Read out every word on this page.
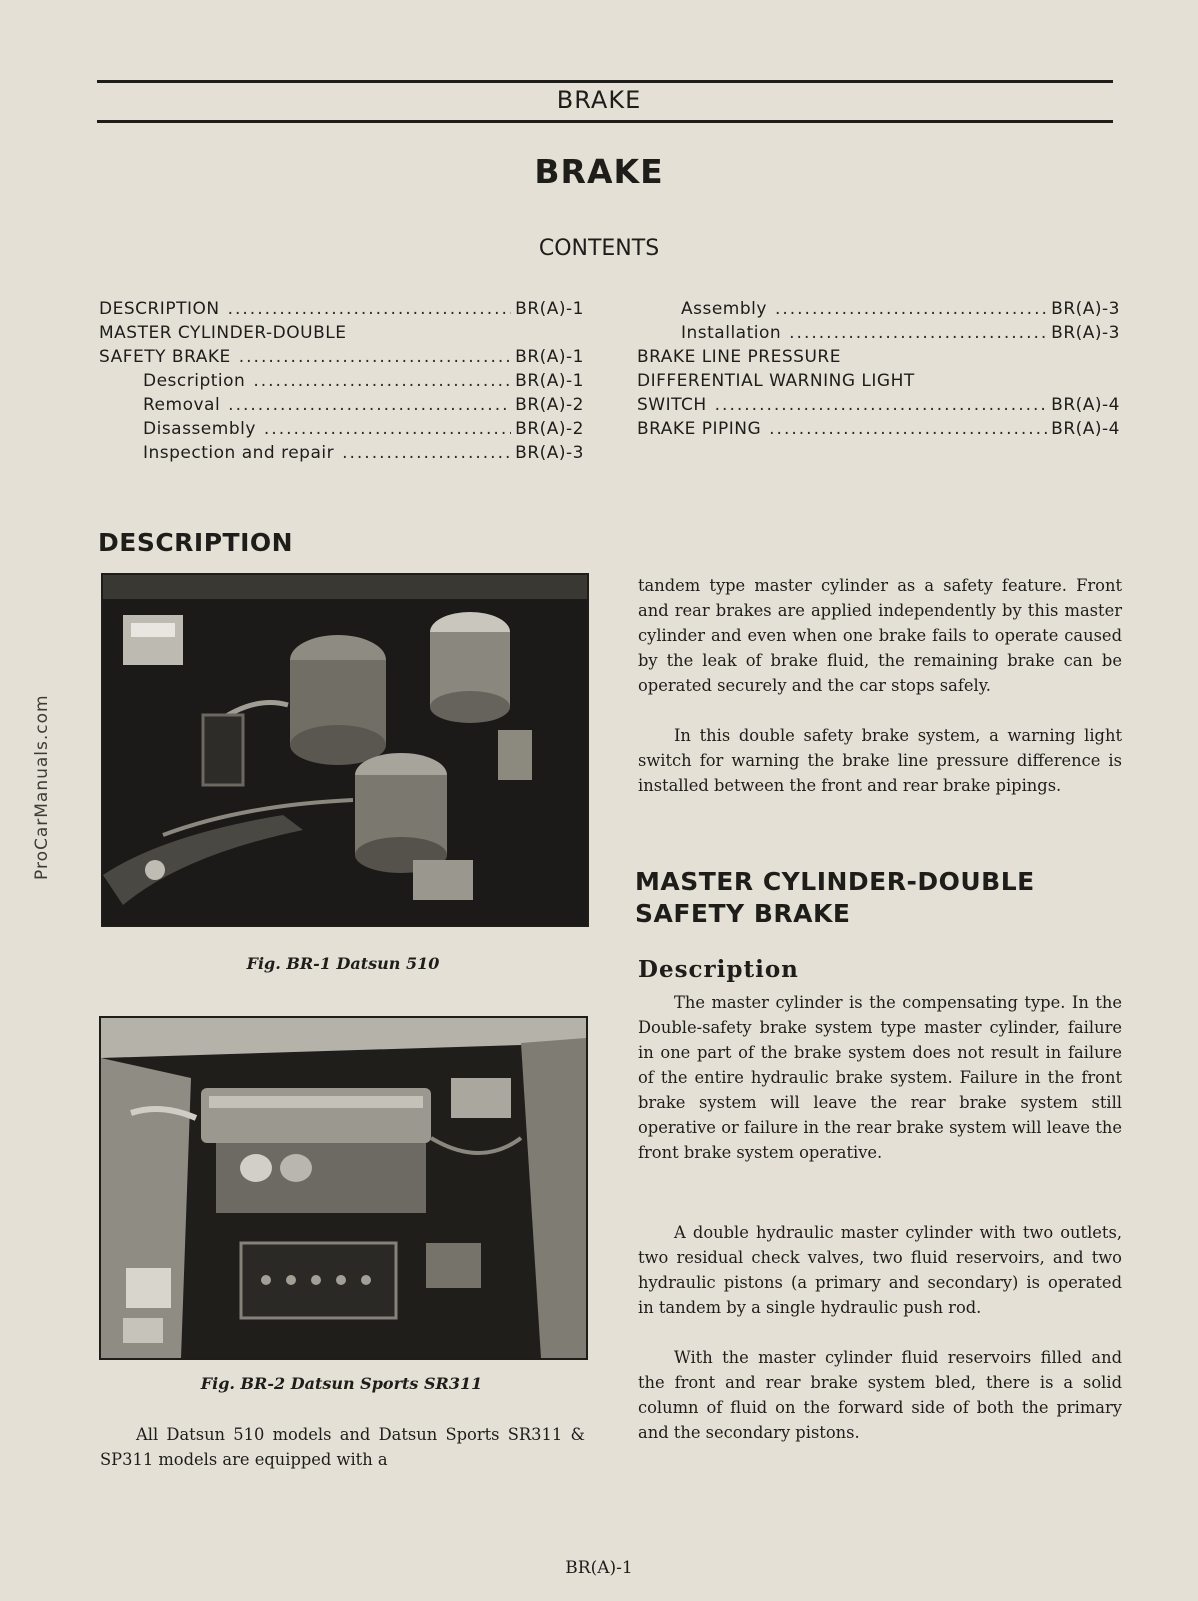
BRAKE
BRAKE
CONTENTS
DESCRIPTION .....	BR(A)-1
MASTER CYLINDER-DOUBLE
SAFETY BRAKE .....	BR(A)-1
Description .....	BR(A)-1
Removal .....	BR(A)-2
Disassembly .....	BR(A)-2
Inspection and repair .....	BR(A)-3
Assembly .....	BR(A)-3
Installation .....	BR(A)-3
BRAKE LINE PRESSURE
DIFFERENTIAL WARNING LIGHT
SWITCH .....	BR(A)-4
BRAKE PIPING .....	BR(A)-4
DESCRIPTION
Fig. BR-1 Datsun 510
Fig. BR-2 Datsun Sports SR311

All Datsun 510 models and Datsun Sports SR311 & SP311 models are equipped with a

tandem type master cylinder as a safety feature. Front and rear brakes are applied independently by this master cylinder and even when one brake fails to operate caused by the leak of brake fluid, the remaining brake can be operated securely and the car stops safely.

In this double safety brake system, a warning light switch for warning the brake line pressure difference is installed between the front and rear brake pipings.

MASTER CYLINDER-DOUBLE
SAFETY BRAKE
Description

The master cylinder is the compensating type. In the Double-safety brake system type master cylinder, failure in one part of the brake system does not result in failure of the entire hydraulic brake system. Failure in the front brake system will leave the rear brake system still operative or failure in the rear brake system will leave the front brake system operative.

A double hydraulic master cylinder with two outlets, two residual check valves, two fluid reservoirs, and two hydraulic pistons (a primary and secondary) is operated in tandem by a single hydraulic push rod.

With the master cylinder fluid reservoirs filled and the front and rear brake system bled, there is a solid column of fluid on the forward side of both the primary and the secondary pistons.

ProCarManuals.com
BR(A)-1
